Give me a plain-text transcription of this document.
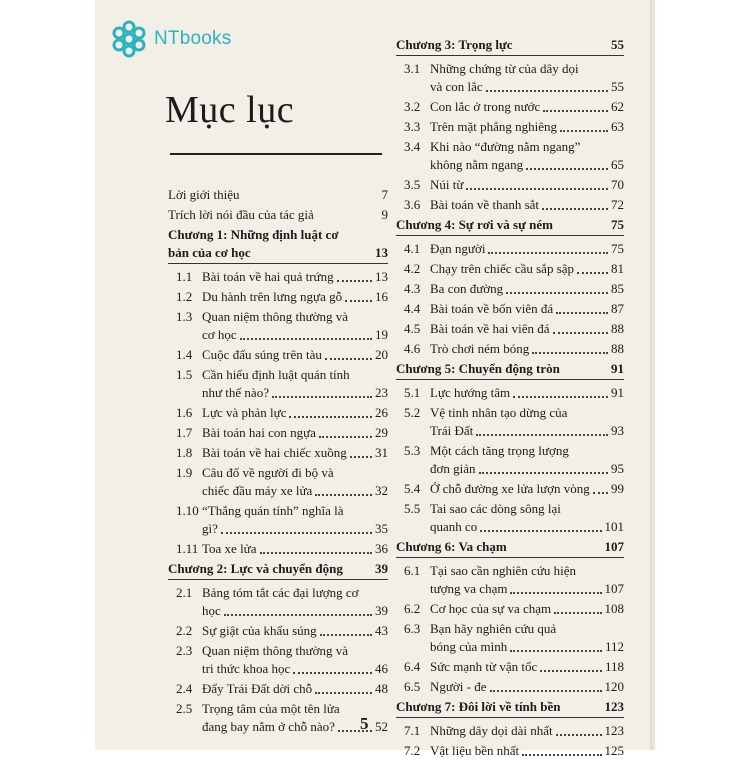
NTbooks
Mục lục
Lời giới thiệu	7
Trích lời nói đầu của tác giả	9
Chương 1: Những định luật cơ
bản của cơ học	13
1.1 Bài toán về hai quả trứng	13
1.2 Du hành trên lưng ngựa gỗ	16
1.3 Quan niệm thông thường và
cơ học	19
1.4 Cuộc đấu súng trên tàu	20
1.5 Cần hiểu định luật quán tính
như thế nào?	23
1.6 Lực và phản lực	26
1.7 Bài toán hai con ngựa	29
1.8 Bài toán về hai chiếc xuồng 31
1.9 Câu đố về người đi bộ và
chiếc đầu máy xe lửa	32
1.10 “Thắng quán tính” nghĩa là
gì?	35
1.11 Toa xe lửa	36
Chương 2: Lực và chuyển động 39
2.1 Bảng tóm tắt các đại lượng cơ
học	39
2.2 Sự giật của khẩu súng	43
2.3 Quan niệm thông thường và
tri thức khoa học	46
2.4 Đẩy Trái Đất dời chỗ	48
2.5 Trọng tâm của một tên lửa
đang bay nằm ở chỗ nào?	52
Chương 3: Trọng lực	55
3.1 Những chứng từ của dây dọi
và con lắc	55
3.2 Con lắc ở trong nước	62
3.3 Trên mặt phẳng nghiêng	63
3.4 Khi nào “đường nằm ngang”
không nằm ngang	65
3.5 Núi từ	70
3.6 Bài toán về thanh sắt	72
Chương 4: Sự rơi và sự ném	75
4.1 Đạn người	75
4.2 Chạy trên chiếc cầu sắp sập	81
4.3 Ba con đường	85
4.4 Bài toán về bốn viên đá	87
4.5 Bài toán về hai viên đá	88
4.6 Trò chơi ném bóng	88
Chương 5: Chuyển động tròn	91
5.1 Lực hướng tâm	91
5.2 Vệ tinh nhân tạo dừng của
Trái Đất	93
5.3 Một cách tăng trọng lượng
đơn giản	95
5.4 Ở chỗ đường xe lửa lượn vòng 99
5.5 Tai sao các dòng sông lại
quanh co	101
Chương 6: Va chạm	107
6.1 Tại sao cần nghiên cứu hiện
tượng va chạm	107
6.2 Cơ học của sự va chạm	108
6.3 Bạn hãy nghiên cứu quả
bóng của mình	112
6.4 Sức mạnh từ vận tốc	118
6.5 Người - đe	120
Chương 7: Đôi lời về tính bền	123
7.1 Những dây dọi dài nhất	123
7.2 Vật liệu bền nhất	125
5
